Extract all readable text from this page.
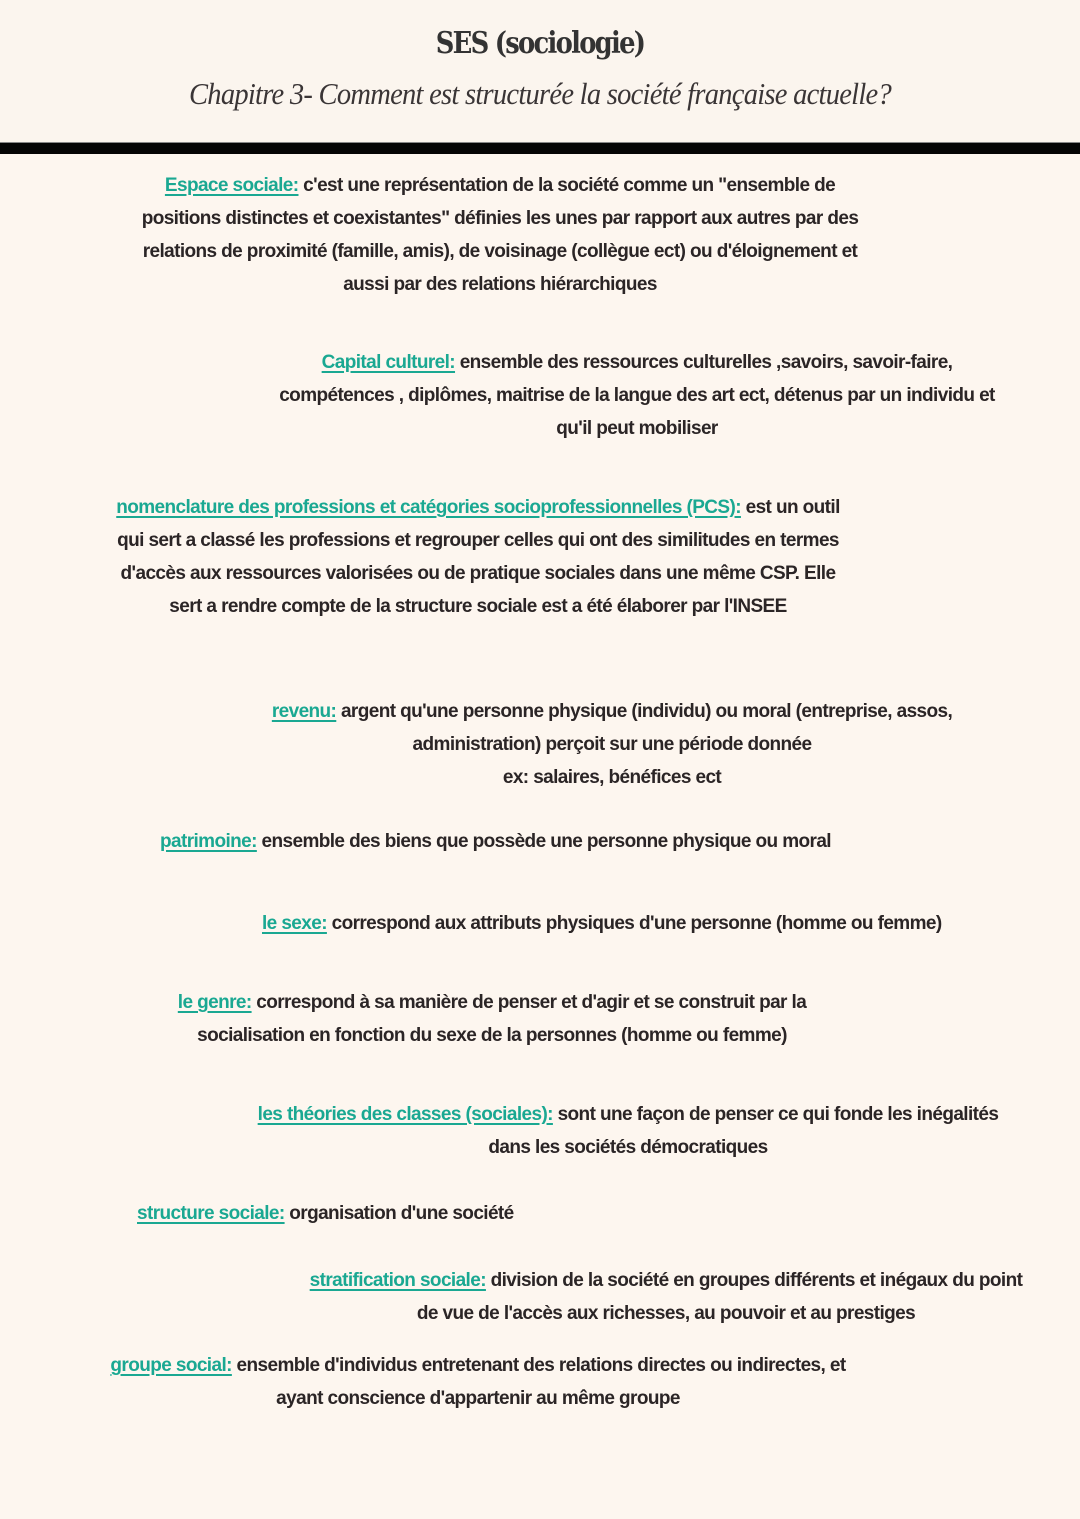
SES (sociologie)
Chapitre 3- Comment est structurée la société française actuelle?
Espace sociale: c'est une représentation de la société comme un "ensemble de
positions distinctes et coexistantes" définies les unes par rapport aux autres par des
relations de proximité (famille, amis), de voisinage (collègue ect) ou d'éloignement et
aussi par des relations hiérarchiques
Capital culturel: ensemble des ressources culturelles ,savoirs, savoir-faire,
compétences , diplômes, maitrise de la langue des art ect, détenus par un individu et
qu'il peut mobiliser
nomenclature des professions et catégories socioprofessionnelles (PCS): est un outil
qui sert a classé les professions et regrouper celles qui ont des similitudes en termes
d'accès aux ressources valorisées ou de pratique sociales dans une même CSP. Elle
sert a rendre compte de la structure sociale est a été élaborer par l'INSEE
revenu: argent qu'une personne physique (individu) ou moral (entreprise, assos,
administration) perçoit sur une période donnée
ex: salaires, bénéfices ect
patrimoine: ensemble des biens que possède une personne physique ou moral
le sexe: correspond aux attributs physiques d'une personne (homme ou femme)
le genre: correspond à sa manière de penser et d'agir et se construit par la
socialisation en fonction du sexe de la personnes (homme ou femme)
les théories des classes (sociales): sont une façon de penser ce qui fonde les inégalités
dans les sociétés démocratiques
structure sociale: organisation d'une société
stratification sociale: division de la société en groupes différents et inégaux du point
de vue de l'accès aux richesses, au pouvoir et au prestiges
groupe social: ensemble d'individus entretenant des relations directes ou indirectes, et
ayant conscience d'appartenir au même groupe
